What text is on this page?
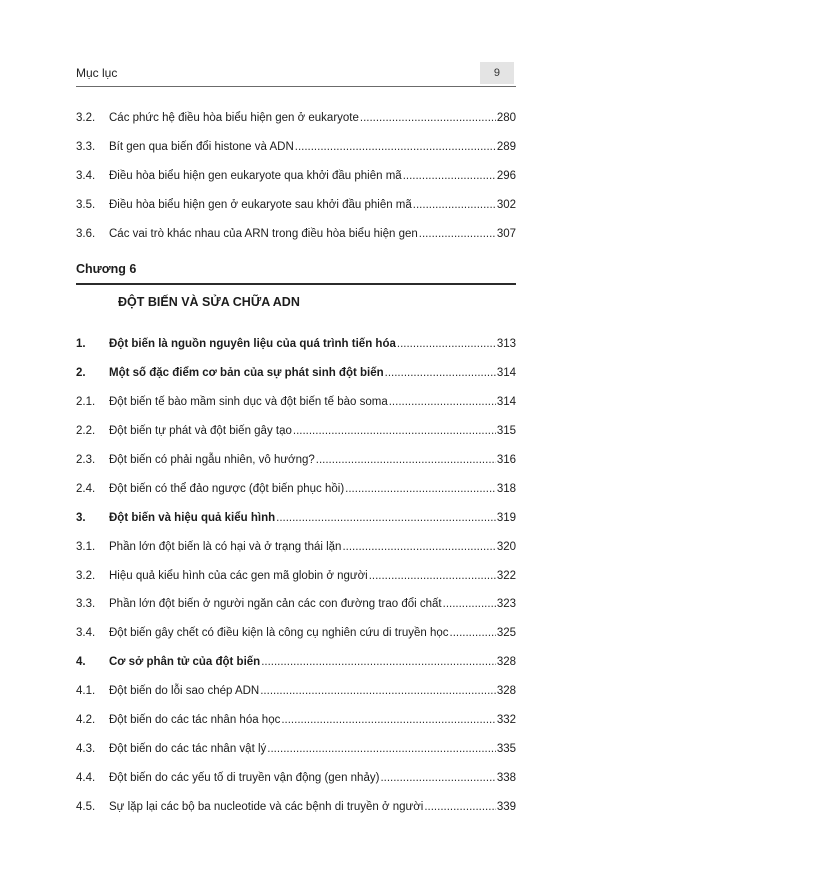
Mục lục	9
3.2.	Các phức hệ điều hòa biểu hiện gen ở eukaryote .....	280
3.3.	Bít gen qua biến đổi histone và ADN .....	289
3.4.	Điều hòa biểu hiện gen eukaryote qua khởi đầu phiên mã .....	296
3.5.	Điều hòa biểu hiện gen ở eukaryote sau khởi đầu phiên mã .....	302
3.6.	Các vai trò khác nhau của ARN trong điều hòa biểu hiện gen .....	307
Chương 6
ĐỘT BIẾN VÀ SỬA CHỮA ADN
1.	Đột biến là nguồn nguyên liệu của quá trình tiến hóa .....	313
2.	Một số đặc điểm cơ bản của sự phát sinh đột biến .....	314
2.1.	Đột biến tế bào mầm sinh dục và đột biến tế bào soma .....	314
2.2.	Đột biến tự phát và đột biến gây tạo .....	315
2.3.	Đột biến có phải ngẫu nhiên, vô hướng? .....	316
2.4.	Đột biến có thể đảo ngược (đột biến phục hồi) .....	318
3.	Đột biến và hiệu quả kiểu hình .....	319
3.1.	Phần lớn đột biến là có hại và ở trạng thái lặn .....	320
3.2.	Hiệu quả kiểu hình của các gen mã globin ở người .....	322
3.3.	Phần lớn đột biến ở người ngăn cản các con đường trao đổi chất .....	323
3.4.	Đột biến gây chết có điều kiện là công cụ nghiên cứu di truyền học .....	325
4.	Cơ sở phân tử của đột biến .....	328
4.1.	Đột biến do lỗi sao chép ADN .....	328
4.2.	Đột biến do các tác nhân hóa học .....	332
4.3.	Đột biến do các tác nhân vật lý .....	335
4.4.	Đột biến do các yếu tố di truyền vận động (gen nhảy) .....	338
4.5.	Sự lặp lại các bộ ba nucleotide và các bệnh di truyền ở người .....	339
